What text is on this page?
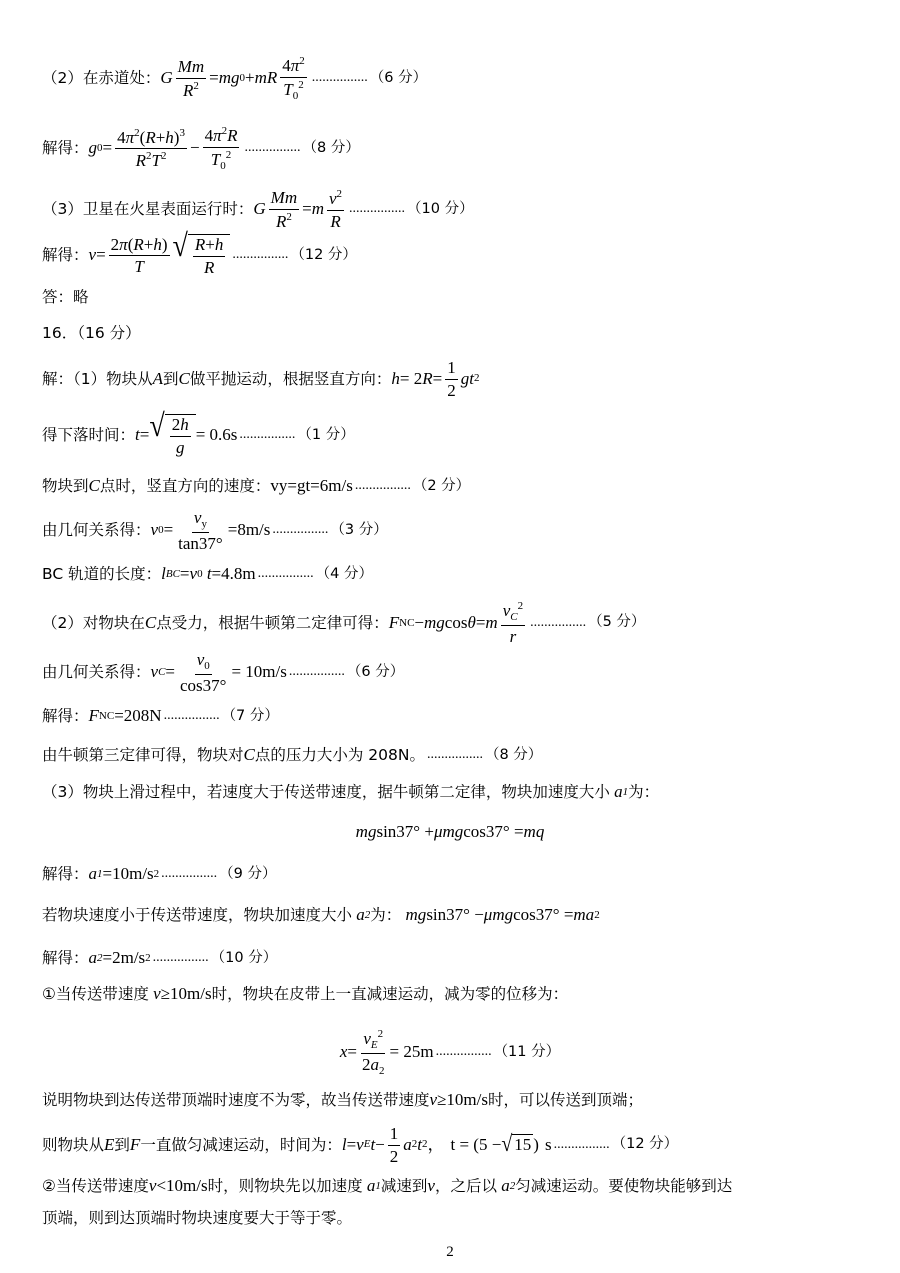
（2）在赤道处： G $\frac{Mm}{R^2}$ = mg 0 + mR $\frac{4\pi^2}{T_0^2}$ ................ （6 分）
解得： g $0 = \frac{4\pi^2(R+h)^3}{R^2T^2} - \frac{4\pi^2R}{T_0^2}$ ................ （8 分）
（3）卫星在火星表面运行时： G $\frac{Mm}{R^2} = m \frac{v^2}{R}$ ................ （10 分）
解得： $v = \frac{2\pi(R+h)}{T}$ √ $\frac{R+h}{R}$ ................ （12 分）
答：略
16．（16 分）
解：（1）物块从 A 到 C 做平抛运动，根据竖直方向： h = 2 $R = \frac{1}{2}$ gt 2
得下落时间： t = √ $\frac{2h}{g} = 0.6s$ ................ （1 分）
物块到 C 点时，竖直方向的速度： vy=gt=6m/s ................ （2 分）
由几何关系得： v $0 = \frac{v_y}{\tan 37^\circ} =8m/s$ ................ （3 分）
BC 轨道的长度： l BC = v 0
t =4.8m ................ （4 分）
（2）对物块在 C 点受力，根据牛顿第二定律可得： F NC − mg cos θ = m $\frac{v_C^2}{r}$ ................ （5 分）
由几何关系得： v $C = \frac{v_0}{\cos 37^\circ} = 10m/s$ ................ （6 分）
解得： F NC =208N ................ （7 分）
由牛顿第三定律可得，物块对 C 点的压力大小为 208N。 ................ （8 分）
（3）物块上滑过程中，若速度大于传送带速度，据牛顿第二定律，物块加速度大小
a 1 为：
mg sin37° + μmg cos37° = mq
解得： a 1 =10m/s 2 ................ （9 分）
若物块速度小于传送带速度，物块加速度大小
a 2 为：
mg sin37° − μmg cos37° = ma 2
解得： a 2 =2m/s 2 ................ （10 分）
①当传送带速度
v ≥10m/s 时，物块在皮带上一直减速运动，减为零的位移为：
$x = \frac{v_E^2}{2a_2} = 25m$ ................ （11 分）
说明物块到达传送带顶端时速度不为零，故当传送带速度 v ≥10m/s 时，可以传送到顶端；
则物块从 E 到 F 一直做匀减速运动，时间为： l = v E $t - \frac{1}{2}$ a 2 t 2 ，
t = (5 − √ 15 ) s ................ （12 分）
②当传送带速度 v <10m/s 时，则物块先以加速度
a 1 减速到 v ，之后以
a 2 匀减速运动。要使物块能够到达
顶端，则到达顶端时物块速度要大于等于零。
2
